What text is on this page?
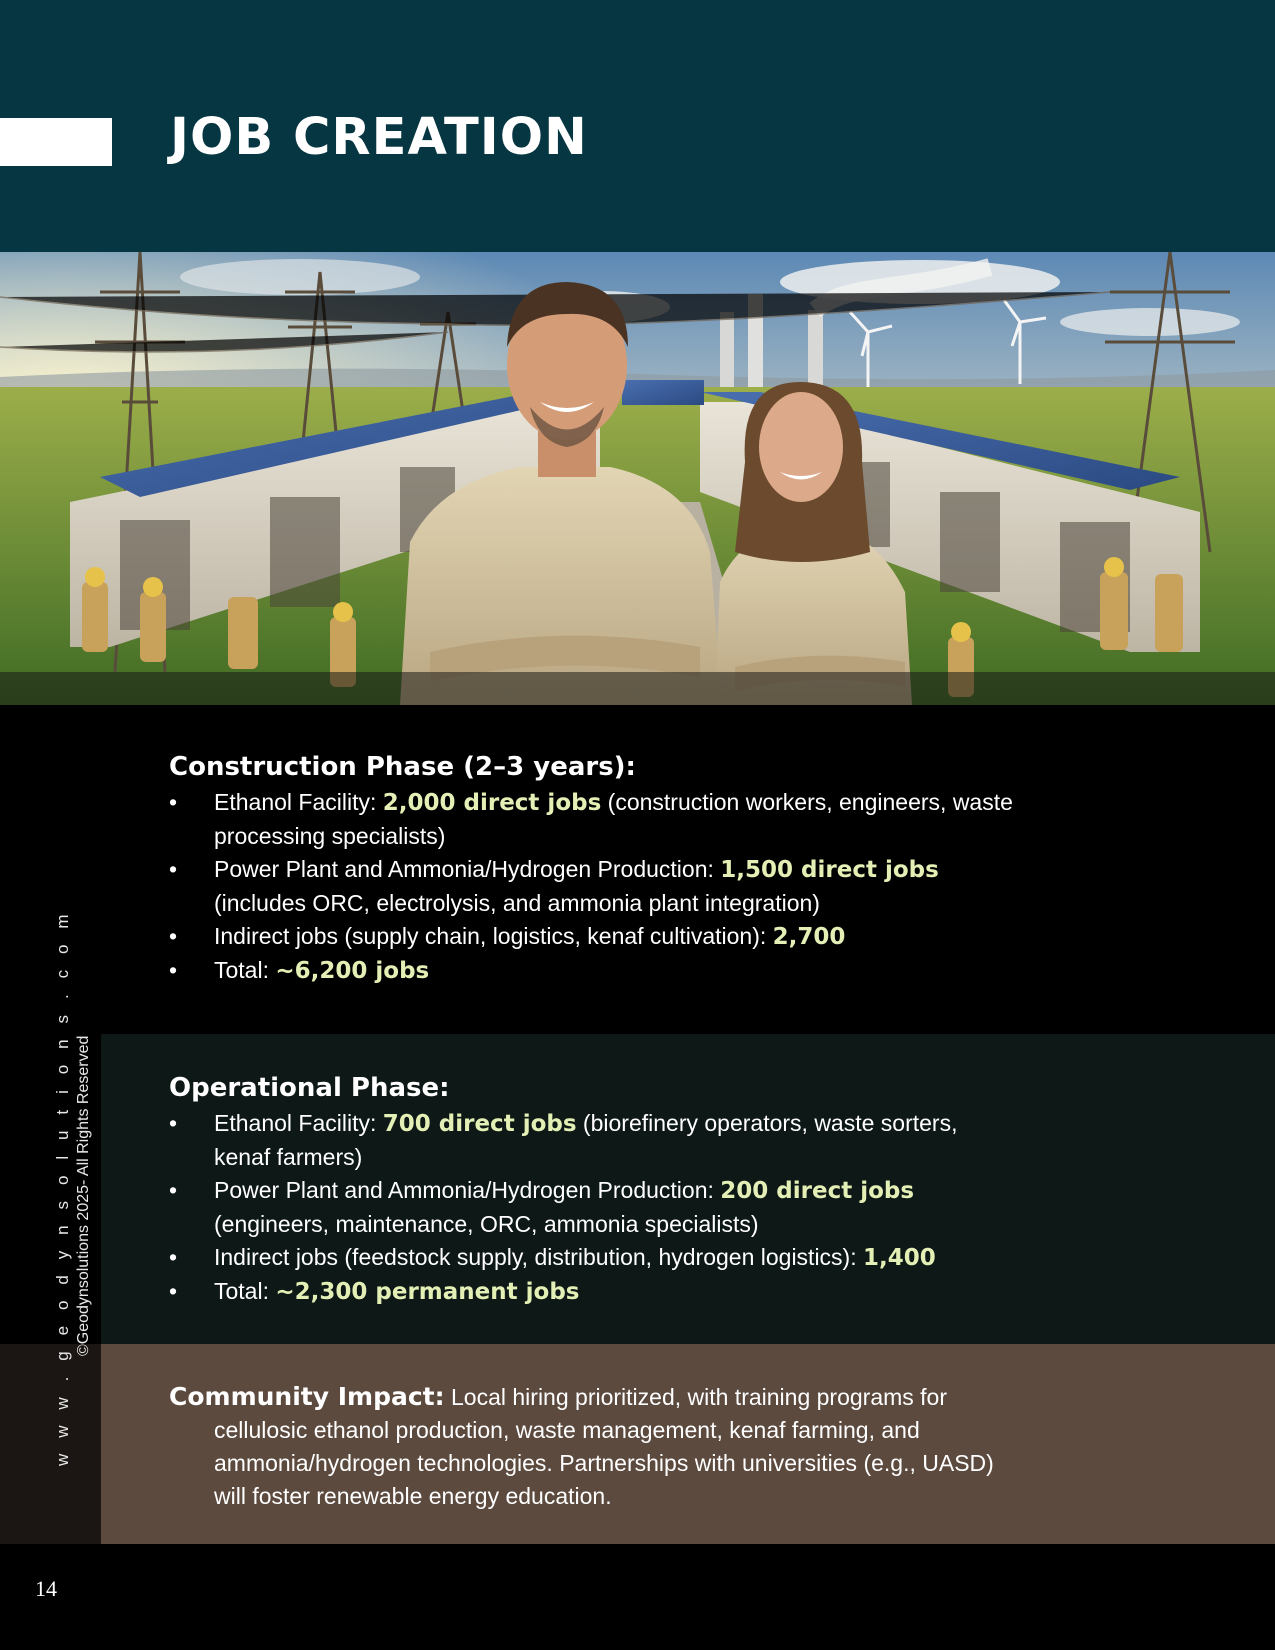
JOB CREATION
w w w . g e o d y n s o l u t i o n s . c o m ©Geodynsolutions 2025- All Rights Reserved
Construction Phase (2–3 years):
• Ethanol Facility: 2,000 direct jobs (construction workers, engineers, waste processing specialists)
• Power Plant and Ammonia/Hydrogen Production: 1,500 direct jobs (includes ORC, electrolysis, and ammonia plant integration)
• Indirect jobs (supply chain, logistics, kenaf cultivation): 2,700
• Total: ~6,200 jobs
Operational Phase:
• Ethanol Facility: 700 direct jobs (biorefinery operators, waste sorters, kenaf farmers)
• Power Plant and Ammonia/Hydrogen Production: 200 direct jobs (engineers, maintenance, ORC, ammonia specialists)
• Indirect jobs (feedstock supply, distribution, hydrogen logistics): 1,400
• Total: ~2,300 permanent jobs

Community Impact: Local hiring prioritized, with training programs for
cellulosic ethanol production, waste management, kenaf farming, and ammonia/hydrogen technologies. Partnerships with universities (e.g., UASD) will foster renewable energy education.

14
